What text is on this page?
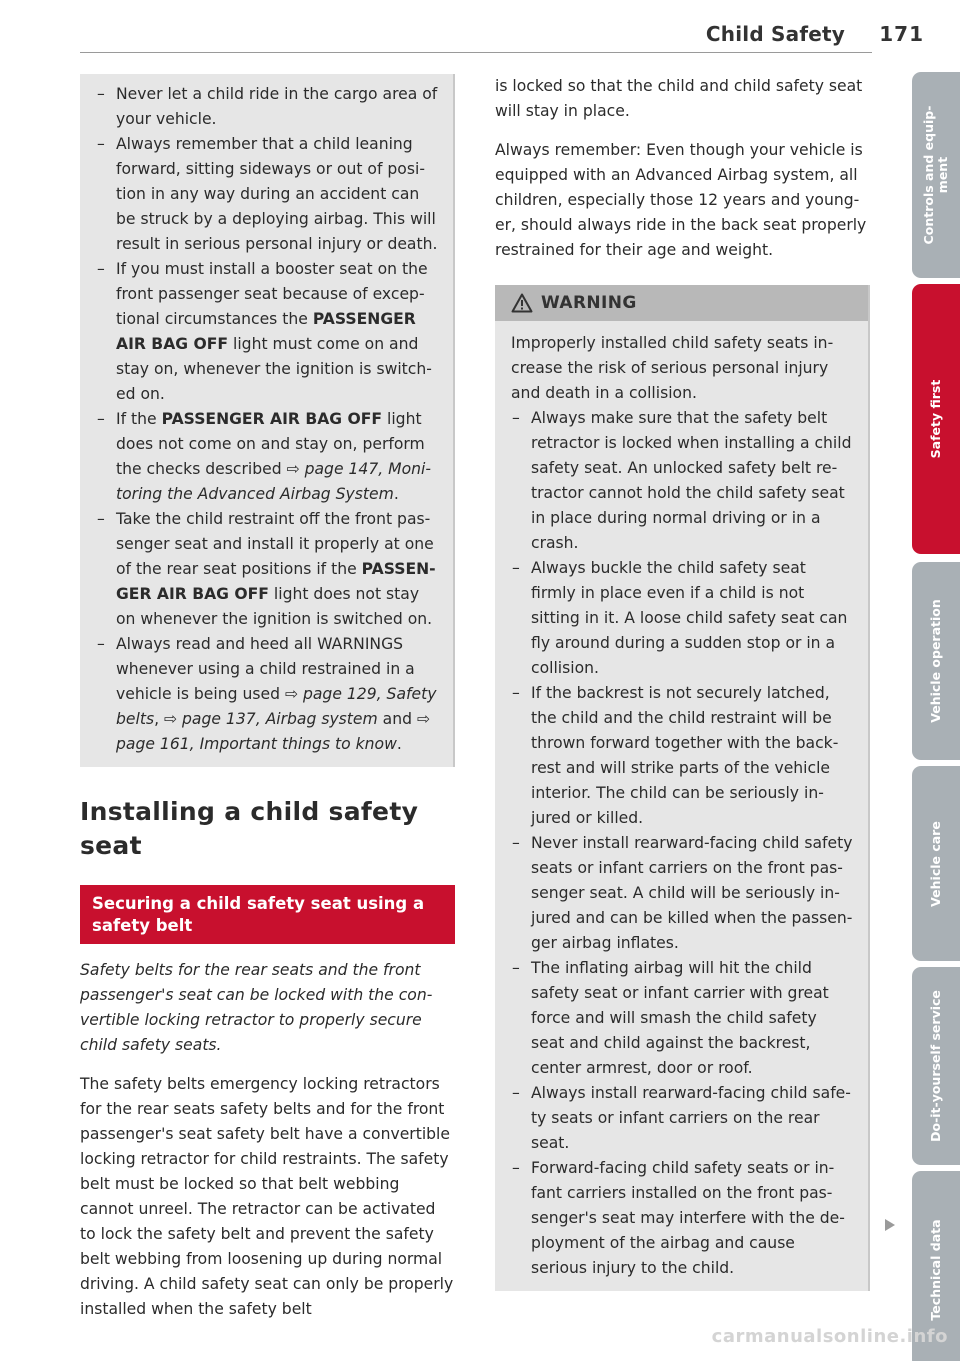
Child Safety 171
– Never let a child ride in the cargo area of your vehicle.
– Always remember that a child leaning forward, sitting sideways or out of position in any way during an accident can be struck by a deploying airbag. This will result in serious personal injury or death.
– If you must install a booster seat on the front passenger seat because of exceptional circumstances the PASSENGER AIR BAG OFF light must come on and stay on, whenever the ignition is switched on.
– If the PASSENGER AIR BAG OFF light does not come on and stay on, perform the checks described ⇨ page 147, Monitoring the Advanced Airbag System.
– Take the child restraint off the front passenger seat and install it properly at one of the rear seat positions if the PASSENGER AIR BAG OFF light does not stay on whenever the ignition is switched on.
– Always read and heed all WARNINGS whenever using a child restrained in a vehicle is being used ⇨ page 129, Safety belts, ⇨ page 137, Airbag system and ⇨ page 161, Important things to know.
Installing a child safety seat
Securing a child safety seat using a safety belt

Safety belts for the rear seats and the front passenger's seat can be locked with the convertible locking retractor to properly secure child safety seats.

The safety belts emergency locking retractors for the rear seats safety belts and for the front passenger's seat safety belt have a convertible locking retractor for child restraints. The safety belt must be locked so that belt webbing cannot unreel. The retractor can be activated to lock the safety belt and prevent the safety belt webbing from loosening up during normal driving. A child safety seat can only be properly installed when the safety belt

is locked so that the child and child safety seat will stay in place.

Always remember: Even though your vehicle is equipped with an Advanced Airbag system, all children, especially those 12 years and younger, should always ride in the back seat properly restrained for their age and weight.

WARNING

Improperly installed child safety seats increase the risk of serious personal injury and death in a collision.

– Always make sure that the safety belt retractor is locked when installing a child safety seat. An unlocked safety belt retractor cannot hold the child safety seat in place during normal driving or in a crash.
– Always buckle the child safety seat firmly in place even if a child is not sitting in it. A loose child safety seat can fly around during a sudden stop or in a collision.
– If the backrest is not securely latched, the child and the child restraint will be thrown forward together with the backrest and will strike parts of the vehicle interior. The child can be seriously injured or killed.
– Never install rearward-facing child safety seats or infant carriers on the front passenger seat. A child will be seriously injured and can be killed when the passenger airbag inflates.
– The inflating airbag will hit the child safety seat or infant carrier with great force and will smash the child safety seat and child against the backrest, center armrest, door or roof.
– Always install rearward-facing child safety seats or infant carriers on the rear seat.
– Forward-facing child safety seats or infant carriers installed on the front passenger's seat may interfere with the deployment of the airbag and cause serious injury to the child.
Controls and equipment
Safety first
Vehicle operation
Vehicle care
Do-it-yourself service
Technical data
carmanualsonline.info
